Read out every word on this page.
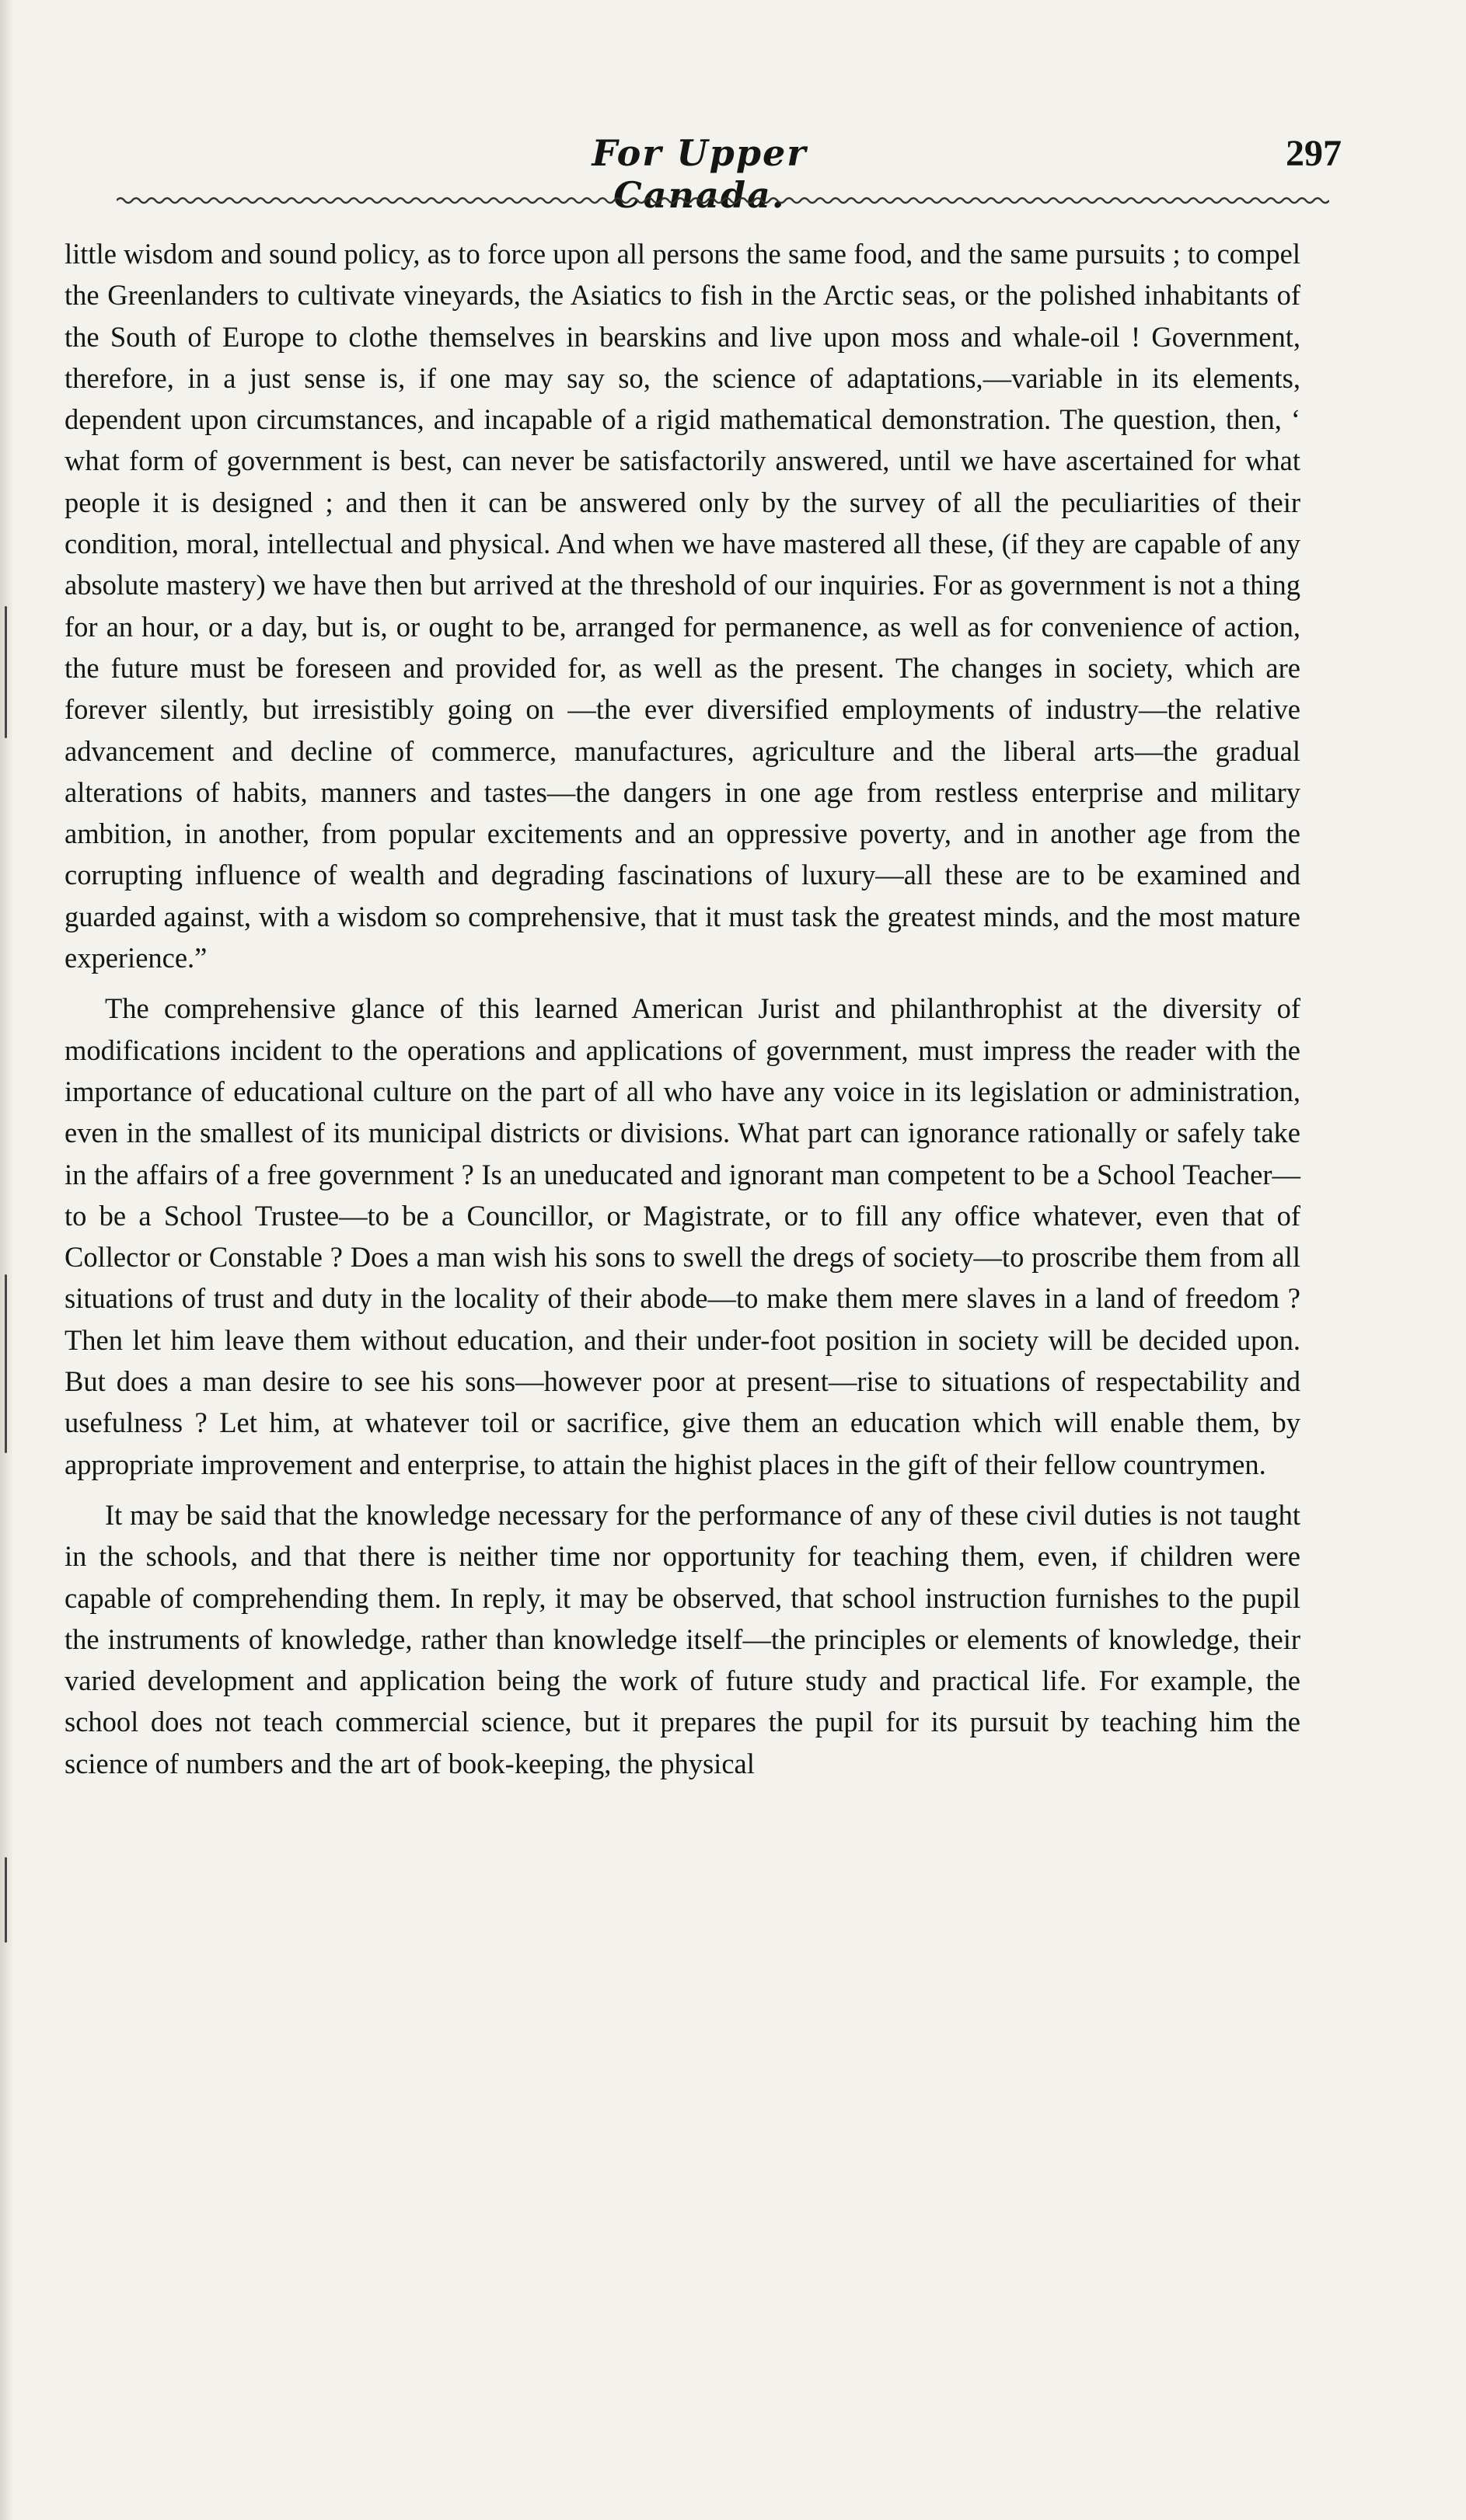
For Upper Canada.
297

little wisdom and sound policy, as to force upon all persons the same food, and the same pursuits ; to compel the Greenlanders to cultivate vineyards, the Asiatics to fish in the Arctic seas, or the polished inhabitants of the South of Europe to clothe themselves in bearskins and live upon moss and whale-oil ! Government, therefore, in a just sense is, if one may say so, the science of adaptations,—variable in its elements, dependent upon circumstances, and incapable of a rigid mathematical demonstration. The question, then, ‘ what form of government is best, can never be satisfactorily answered, until we have ascertained for what people it is designed ; and then it can be answered only by the survey of all the peculiarities of their condition, moral, intellectual and physical. And when we have mastered all these, (if they are capable of any absolute mastery) we have then but arrived at the threshold of our inquiries. For as government is not a thing for an hour, or a day, but is, or ought to be, arranged for permanence, as well as for convenience of action, the future must be foreseen and provided for, as well as the present. The changes in society, which are forever silently, but irresistibly going on —the ever diversified employments of industry—the relative advancement and decline of commerce, manufactures, agriculture and the liberal arts—the gradual alterations of habits, manners and tastes—the dangers in one age from restless enterprise and military ambition, in another, from popular excitements and an oppressive poverty, and in another age from the corrupting influence of wealth and degrading fascinations of luxury—all these are to be examined and guarded against, with a wisdom so comprehensive, that it must task the greatest minds, and the most mature experience.”

The comprehensive glance of this learned American Jurist and philanthrophist at the diversity of modifications incident to the operations and applications of government, must impress the reader with the importance of educational culture on the part of all who have any voice in its legislation or administration, even in the smallest of its municipal districts or divisions. What part can ignorance rationally or safely take in the affairs of a free government ? Is an uneducated and ignorant man competent to be a School Teacher—to be a School Trustee—to be a Councillor, or Magistrate, or to fill any office whatever, even that of Collector or Constable ? Does a man wish his sons to swell the dregs of society—to proscribe them from all situations of trust and duty in the locality of their abode—to make them mere slaves in a land of freedom ? Then let him leave them without education, and their under-foot position in society will be decided upon. But does a man desire to see his sons—however poor at present—rise to situations of respectability and usefulness ? Let him, at whatever toil or sacrifice, give them an education which will enable them, by appropriate improvement and enterprise, to attain the highist places in the gift of their fellow countrymen.

It may be said that the knowledge necessary for the performance of any of these civil duties is not taught in the schools, and that there is neither time nor opportunity for teaching them, even, if children were capable of comprehending them. In reply, it may be observed, that school instruction furnishes to the pupil the instruments of knowledge, rather than knowledge itself—the principles or elements of knowledge, their varied development and application being the work of future study and practical life. For example, the school does not teach commercial science, but it prepares the pupil for its pursuit by teaching him the science of numbers and the art of book-keeping, the physical
